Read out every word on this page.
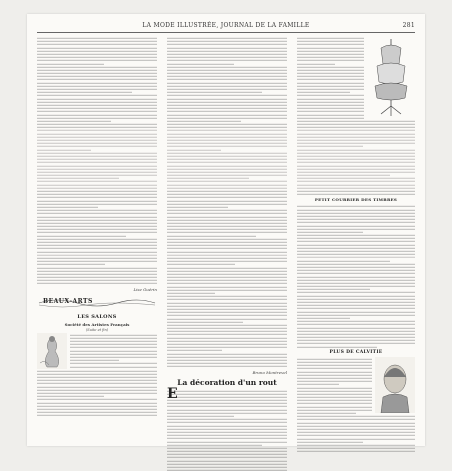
LA MODE ILLUSTRÉE, JOURNAL DE LA FAMILLE	281
Lise Guérin
BEAUX-ARTS
LES SALONS
Société des Artistes Français
(Suite et fin)
Bruno Montrevel
La décoration d'un rout
E
PETIT COURRIER DES TIMBRES
PLUS DE CALVITIE
